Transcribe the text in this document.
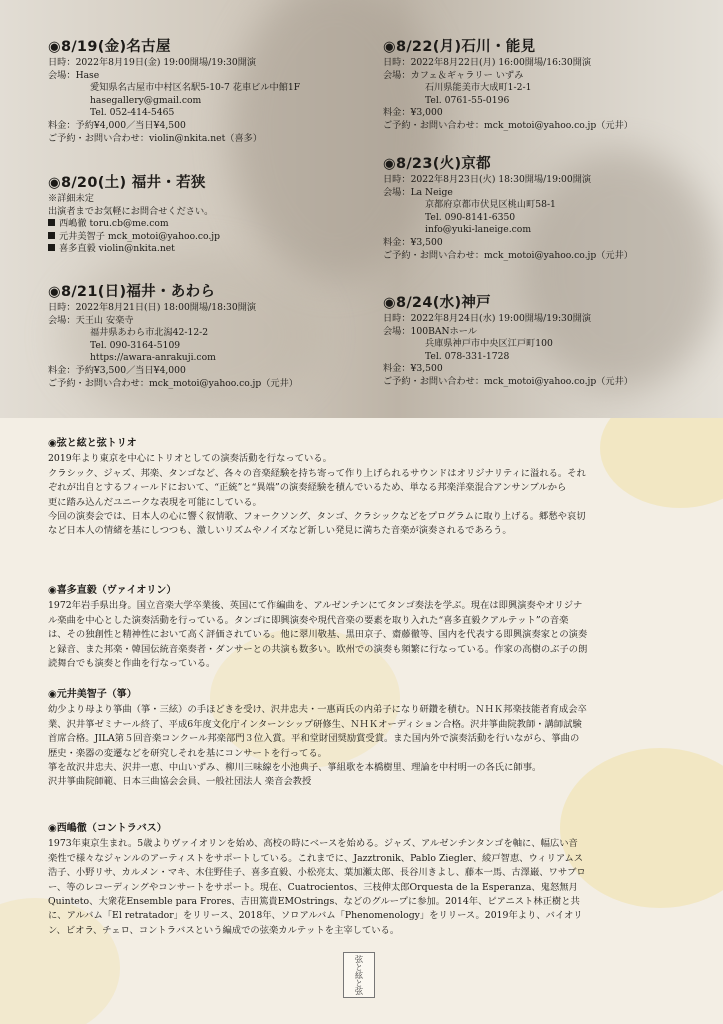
◉8/19(金)名古屋
日時： 2022年8月19日(金) 19:00開場/19:30開演
会場： Hase
愛知県名古屋市中村区名駅5-10-7 花車ビル中館1F
hasegallery@gmail.com
Tel. 052-414-5465
料金：予約¥4,000／当日¥4,500
ご予約・お問い合わせ：violin@nkita.net（喜多）
◉8/20(土) 福井・若狭
※詳細未定
出演者までお気軽にお問合せください。
西嶋徹 toru.cb@me.com
元井美智子 mck_motoi@yahoo.co.jp
喜多直毅 violin@nkita.net
◉8/21(日)福井・あわら
日時： 2022年8月21日(日) 18:00開場/18:30開演
会場： 天王山 安楽寺
福井県あわら市北潟42-12-2
Tel. 090-3164-5109
https://awara-anrakuji.com
料金：予約¥3,500／当日¥4,000
ご予約・お問い合わせ：mck_motoi@yahoo.co.jp（元井）
◉8/22(月)石川・能見
日時： 2022年8月22日(月) 16:00開場/16:30開演
会場： カフェ＆ギャラリー いずみ
石川県能美市大成町1-2-1
Tel. 0761-55-0196
料金：¥3,000
ご予約・お問い合わせ：mck_motoi@yahoo.co.jp（元井）
◉8/23(火)京都
日時： 2022年8月23日(火) 18:30開場/19:00開演
会場： La Neige
京都府京都市伏見区桃山町58-1
Tel. 090-8141-6350
info@yuki-laneige.com
料金：¥3,500
ご予約・お問い合わせ：mck_motoi@yahoo.co.jp（元井）
◉8/24(水)神戸
日時： 2022年8月24日(水) 19:00開場/19:30開演
会場： 100BANホール
兵庫県神戸市中央区江戸町100
Tel. 078-331-1728
料金：¥3,500
ご予約・お問い合わせ：mck_motoi@yahoo.co.jp（元井）
◉弦と絃と弦トリオ

2019年より東京を中心にトリオとしての演奏活動を行なっている。

クラシック、ジャズ、邦楽、タンゴなど、各々の音楽経験を持ち寄って作り上げられるサウンドはオリジナリティに溢れる。それ

ぞれが出自とするフィールドにおいて、“正統”と“異端”の演奏経験を積んでいるため、単なる邦楽洋楽混合アンサンブルから

更に踏み込んだユニークな表現を可能にしている。

今回の演奏会では、日本人の心に響く叙情歌、フォークソング、タンゴ、クラシックなどをプログラムに取り上げる。郷愁や哀切

など日本人の情緒を基にしつつも、激しいリズムやノイズなど新しい発見に満ちた音楽が演奏されるであろう。

◉喜多直毅（ヴァイオリン）

1972年岩手県出身。国立音楽大学卒業後、英国にて作編曲を、アルゼンチンにてタンゴ奏法を学ぶ。現在は即興演奏やオリジナ

ル楽曲を中心とした演奏活動を行っている。タンゴに即興演奏や現代音楽の要素を取り入れた“喜多直毅クアルテット”の音楽

は、その独創性と精神性において高く評価されている。他に翠川敬基、黒田京子、齋藤徹等、国内を代表する即興演奏家との演奏

と録音、また邦楽・韓国伝統音楽奏者・ダンサーとの共演も数多い。欧州での演奏も頻繁に行なっている。作家の高樹のぶ子の朗

読舞台でも演奏と作曲を行なっている。

◉元井美智子（箏）

幼少より母より箏曲（箏・三絃）の手ほどきを受け、沢井忠夫・一惠両氏の内弟子になり研鑽を積む。ＮＨＫ邦楽技能者育成会卒

業、沢井箏ゼミナール終了、平成6年度文化庁インターンシップ研修生、ＮＨＫオーディション合格。沢井箏曲院教師・講師試験

首席合格。JILA第５回音楽コンクール邦楽部門３位入賞。平和堂財団奨励賞受賞。また国内外で演奏活動を行いながら、箏曲の

歴史・楽器の変遷などを研究しそれを基にコンサートを行ってる。

箏を故沢井忠夫、沢井一恵、中山いずみ、柳川三味線を小池典子、箏組歌を本橋樹里、理論を中村明一の各氏に師事。

沢井箏曲院師範、日本三曲協会会員、一般社団法人 楽音会教授

◉西嶋徹（コントラバス）

1973年東京生まれ。5歳よりヴァイオリンを始め、高校の時にベースを始める。ジャズ、アルゼンチンタンゴを軸に、幅広い音

楽性で様々なジャンルのアーティストをサポートしている。これまでに、Jazztronik、Pablo Ziegler、綾戸智恵、ウィリアムス

浩子、小野リサ、カルメン・マキ、木住野佳子、喜多直毅、小松亮太、葉加瀬太郎、長谷川きよし、藤本一馬、古澤巌、ワサブロ

ー、等のレコーディングやコンサートをサポート。現在、Cuatrocientos、三枝伸太郎Orquesta de la Esperanza、鬼怒無月

Quinteto、大衆花Ensemble para Frores、吉田篤貴EMOstrings、などのグループに参加。2014年、ピアニスト林正樹と共

に、アルバム「El retratador」をリリース、2018年、ソロアルバム「Phenomenology」をリリース。2019年より、バイオリ

ン、ビオラ、チェロ、コントラバスという編成での弦楽カルテットを主宰している。

弦と絃と弦
